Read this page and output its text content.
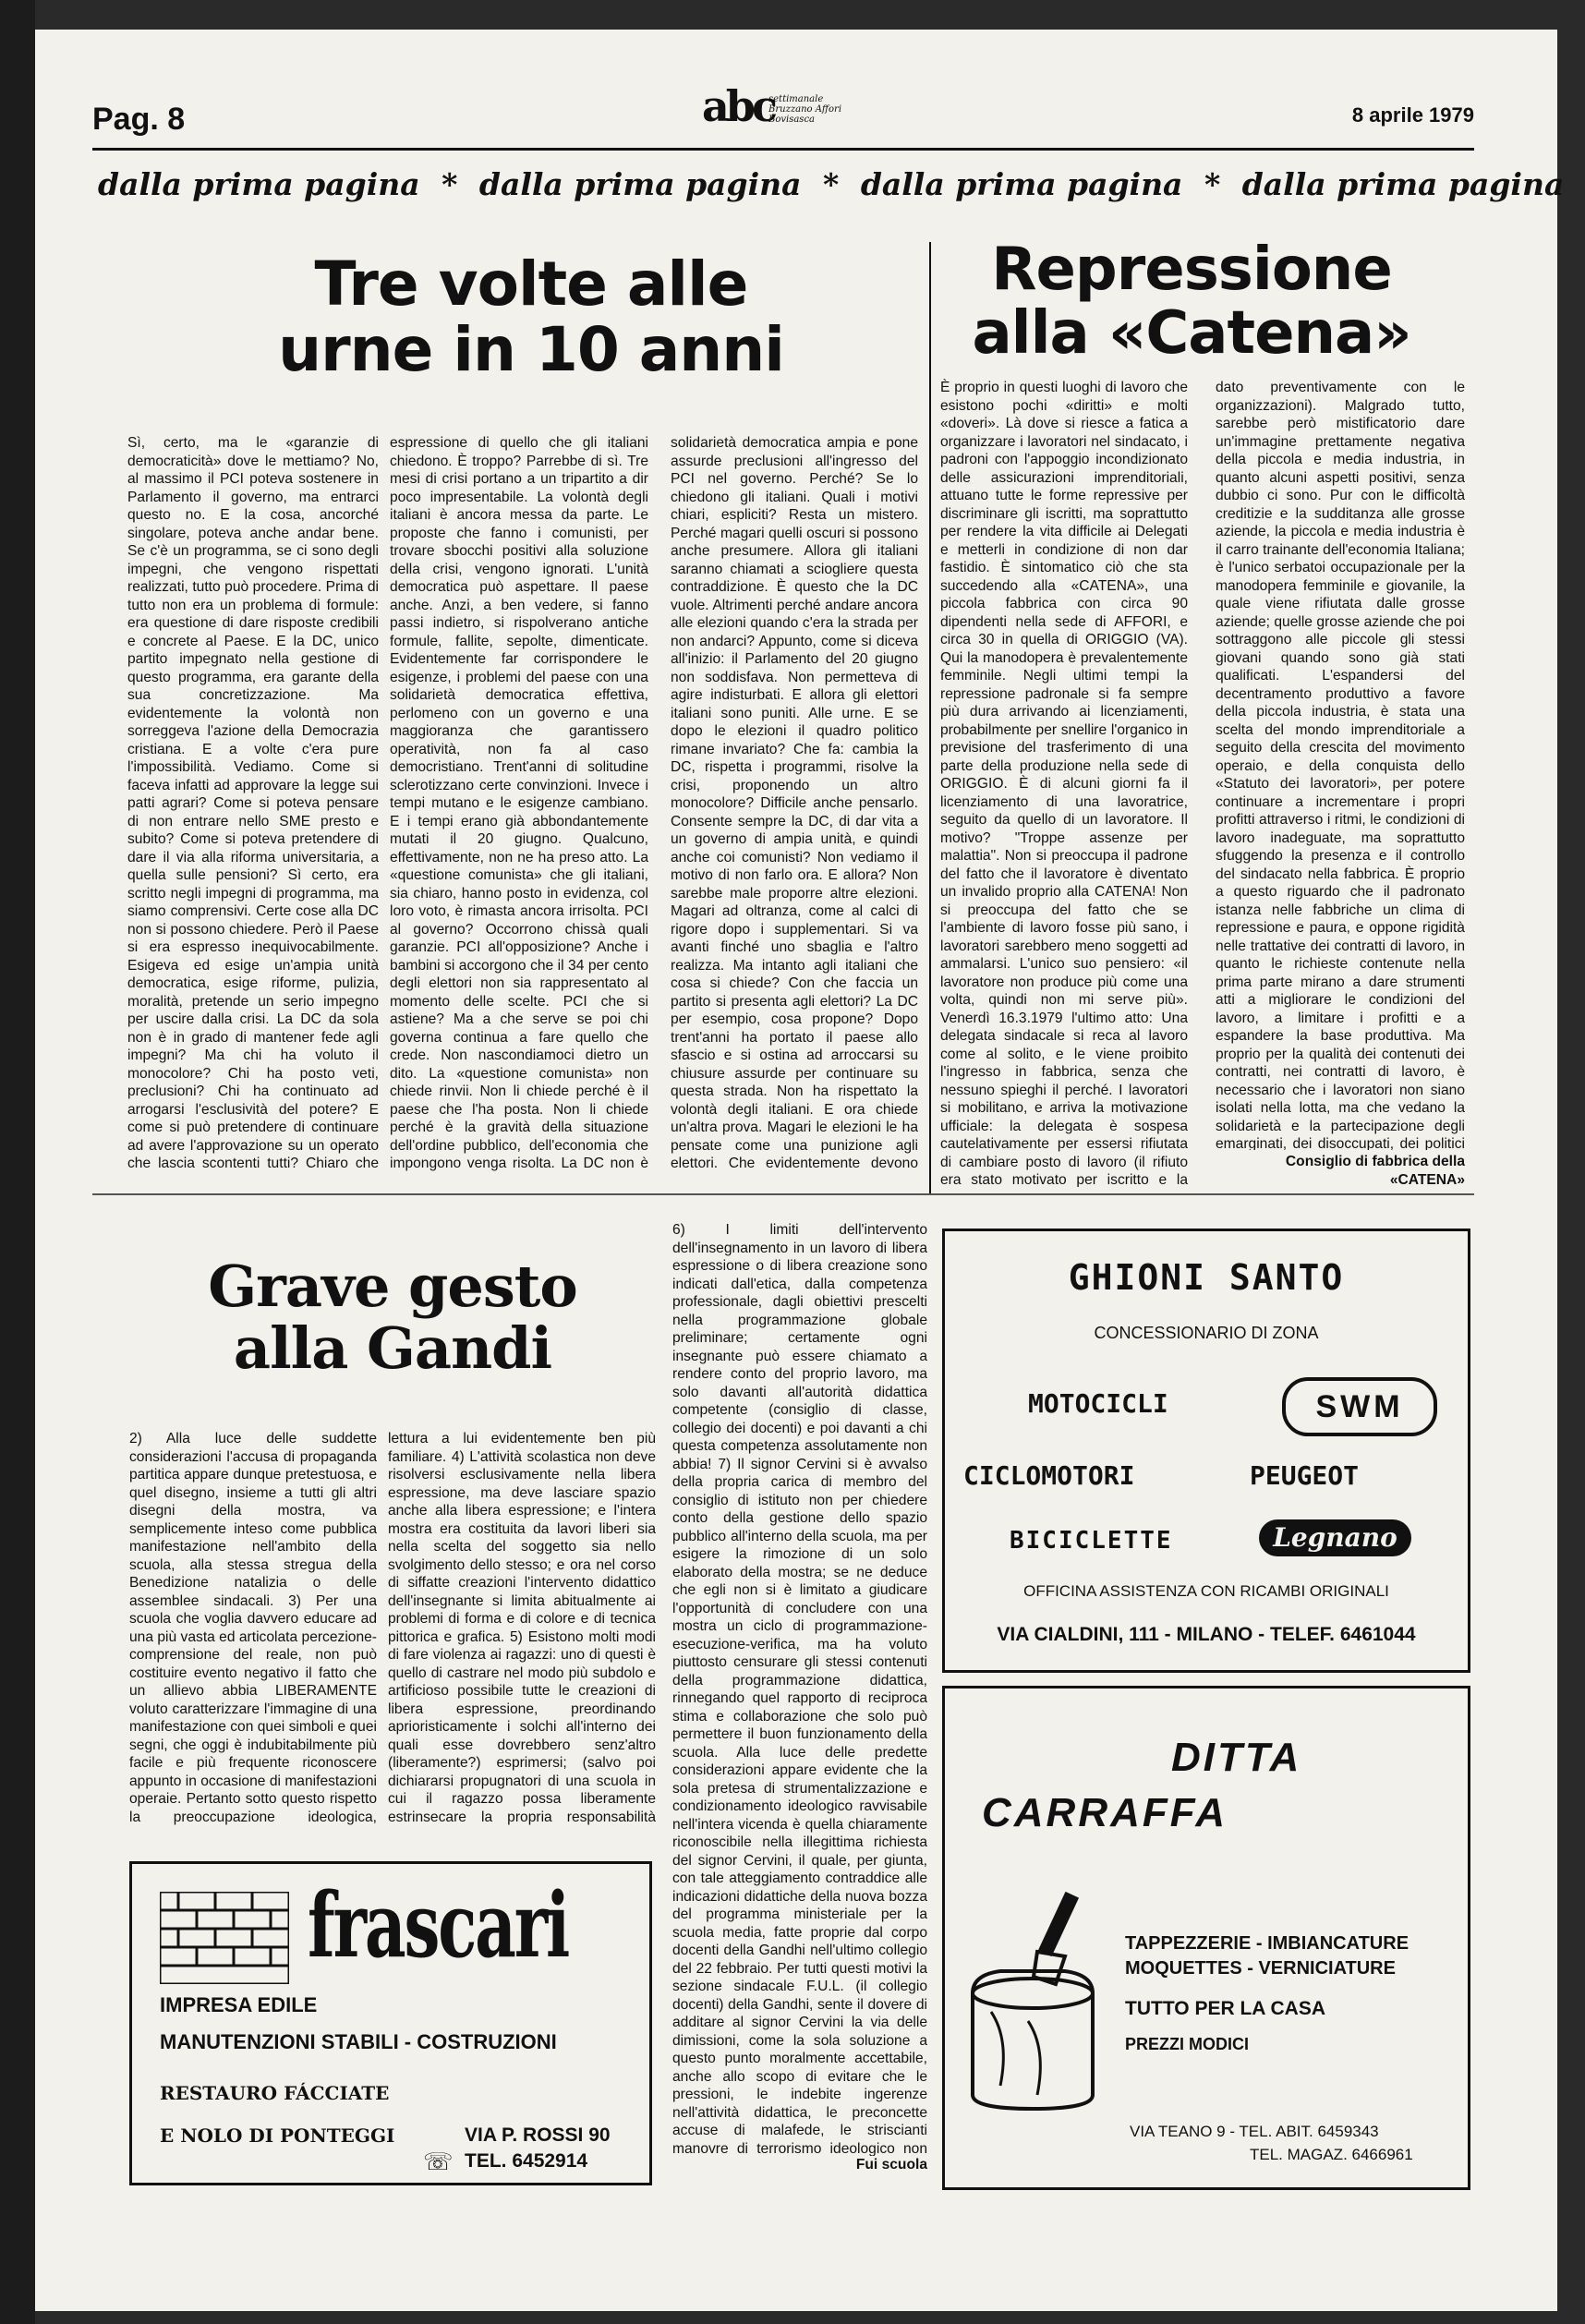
Pag. 8	abc
settimanale Bruzzano Affori Bovisasca	8 aprile 1979
dalla prima pagina * dalla prima pagina * dalla prima pagina * dalla prima pagina
Tre volte alle
urne in 10 anni
Sì, certo, ma le «garanzie di democraticità» dove le mettiamo? No, al massimo il PCI poteva sostenere in Parlamento il governo, ma entrarci questo no. E la cosa, ancorché singolare, poteva anche andar bene. Se c'è un programma, se ci sono degli impegni, che vengono rispettati realizzati, tutto può procedere. Prima di tutto non era un problema di formule: era questione di dare risposte credibili e concrete al Paese. E la DC, unico partito impegnato nella gestione di questo programma, era garante della sua concretizzazione. Ma evidentemente la volontà non sorreggeva l'azione della Democrazia cristiana. E a volte c'era pure l'impossibilità. Vediamo. Come si faceva infatti ad approvare la legge sui patti agrari? Come si poteva pensare di non entrare nello SME presto e subito? Come si poteva pretendere di dare il via alla riforma universitaria, a quella sulle pensioni? Sì certo, era scritto negli impegni di programma, ma siamo comprensivi. Certe cose alla DC non si possono chiedere. Però il Paese si era espresso inequivocabilmente. Esigeva ed esige un'ampia unità democratica, esige riforme, pulizia, moralità, pretende un serio impegno per uscire dalla crisi. La DC da sola non è in grado di mantener fede agli impegni? Ma chi ha voluto il monocolore? Chi ha posto veti, preclusioni? Chi ha continuato ad arrogarsi l'esclusività del potere? E come si può pretendere di continuare ad avere l'approvazione su un operato che lascia scontenti tutti? Chiaro che
espressione di quello che gli italiani chiedono. È troppo? Parrebbe di sì. Tre mesi di crisi portano a un tripartito a dir poco impresentabile. La volontà degli italiani è ancora messa da parte. Le proposte che fanno i comunisti, per trovare sbocchi positivi alla soluzione della crisi, vengono ignorati. L'unità democratica può aspettare. Il paese anche. Anzi, a ben vedere, si fanno passi indietro, si rispolverano antiche formule, fallite, sepolte, dimenticate. Evidentemente far corrispondere le esigenze, i problemi del paese con una solidarietà democratica effettiva, perlomeno con un governo e una maggioranza che garantissero operatività, non fa al caso democristiano. Trent'anni di solitudine sclerotizzano certe convinzioni. Invece i tempi mutano e le esigenze cambiano. E i tempi erano già abbondantemente mutati il 20 giugno. Qualcuno, effettivamente, non ne ha preso atto. La «questione comunista» che gli italiani, sia chiaro, hanno posto in evidenza, col loro voto, è rimasta ancora irrisolta. PCI al governo? Occorrono chissà quali garanzie. PCI all'opposizione? Anche i bambini si accorgono che il 34 per cento degli elettori non sia rappresentato al momento delle scelte. PCI che si astiene? Ma a che serve se poi chi governa continua a fare quello che crede. Non nascondiamoci dietro un dito. La «questione comunista» non chiede rinvii. Non li chiede perché è il paese che l'ha posta. Non li chiede perché è la gravità della situazione dell'ordine pubblico, dell'economia che impongono venga risolta. La DC non è
solidarietà democratica ampia e pone assurde preclusioni all'ingresso del PCI nel governo. Perché? Se lo chiedono gli italiani. Quali i motivi chiari, espliciti? Resta un mistero. Perché magari quelli oscuri si possono anche presumere. Allora gli italiani saranno chiamati a sciogliere questa contraddizione. È questo che la DC vuole. Altrimenti perché andare ancora alle elezioni quando c'era la strada per non andarci? Appunto, come si diceva all'inizio: il Parlamento del 20 giugno non soddisfava. Non permetteva di agire indisturbati. E allora gli elettori italiani sono puniti. Alle urne. E se dopo le elezioni il quadro politico rimane invariato? Che fa: cambia la DC, rispetta i programmi, risolve la crisi, proponendo un altro monocolore? Difficile anche pensarlo. Consente sempre la DC, di dar vita a un governo di ampia unità, e quindi anche coi comunisti? Non vediamo il motivo di non farlo ora. E allora? Non sarebbe male proporre altre elezioni. Magari ad oltranza, come al calci di rigore dopo i supplementari. Si va avanti finché uno sbaglia e l'altro realizza. Ma intanto agli italiani che cosa si chiede? Con che faccia un partito si presenta agli elettori? La DC per esempio, cosa propone? Dopo trent'anni ha portato il paese allo sfascio e si ostina ad arroccarsi su chiusure assurde per continuare su questa strada. Non ha rispettato la volontà degli italiani. E ora chiede un'altra prova. Magari le elezioni le ha pensate come una punizione agli elettori. Che evidentemente devono
Repressione
alla «Catena»
È proprio in questi luoghi di lavoro che esistono pochi «diritti» e molti «doveri». Là dove si riesce a fatica a organizzare i lavoratori nel sindacato, i padroni con l'appoggio incondizionato delle assicurazioni imprenditoriali, attuano tutte le forme repressive per discriminare gli iscritti, ma soprattutto per rendere la vita difficile ai Delegati e metterli in condizione di non dar fastidio. È sintomatico ciò che sta succedendo alla «CATENA», una piccola fabbrica con circa 90 dipendenti nella sede di AFFORI, e circa 30 in quella di ORIGGIO (VA). Qui la manodopera è prevalentemente femminile. Negli ultimi tempi la repressione padronale si fa sempre più dura arrivando ai licenziamenti, probabilmente per snellire l'organico in previsione del trasferimento di una parte della produzione nella sede di ORIGGIO. È di alcuni giorni fa il licenziamento di una lavoratrice, seguito da quello di un lavoratore. Il motivo? "Troppe assenze per malattia". Non si preoccupa il padrone del fatto che il lavoratore è diventato un invalido proprio alla CATENA! Non si preoccupa del fatto che se l'ambiente di lavoro fosse più sano, i lavoratori sarebbero meno soggetti ad ammalarsi. L'unico suo pensiero: «il lavoratore non produce più come una volta, quindi non mi serve più». Venerdì 16.3.1979 l'ultimo atto: Una delegata sindacale si reca al lavoro come al solito, e le viene proibito l'ingresso in fabbrica, senza che nessuno spieghi il perché. I lavoratori si mobilitano, e arriva la motivazione ufficiale: la delegata è sospesa cautelativamente per essersi rifiutata di cambiare posto di lavoro (il rifiuto era stato motivato per iscritto e la
dato preventivamente con le organizzazioni). Malgrado tutto, sarebbe però mistificatorio dare un'immagine prettamente negativa della piccola e media industria, in quanto alcuni aspetti positivi, senza dubbio ci sono. Pur con le difficoltà creditizie e la sudditanza alle grosse aziende, la piccola e media industria è il carro trainante dell'economia Italiana; è l'unico serbatoi occupazionale per la manodopera femminile e giovanile, la quale viene rifiutata dalle grosse aziende; quelle grosse aziende che poi sottraggono alle piccole gli stessi giovani quando sono già stati qualificati. L'espandersi del decentramento produttivo a favore della piccola industria, è stata una scelta del mondo imprenditoriale a seguito della crescita del movimento operaio, e della conquista dello «Statuto dei lavoratori», per potere continuare a incrementare i propri profitti attraverso i ritmi, le condizioni di lavoro inadeguate, ma soprattutto sfuggendo la presenza e il controllo del sindacato nella fabbrica. È proprio a questo riguardo che il padronato istanza nelle fabbriche un clima di repressione e paura, e oppone rigidità nelle trattative dei contratti di lavoro, in quanto le richieste contenute nella prima parte mirano a dare strumenti atti a migliorare le condizioni del lavoro, a limitare i profitti e a espandere la base produttiva. Ma proprio per la qualità dei contenuti dei contratti, nei contratti di lavoro, è necessario che i lavoratori non siano isolati nella lotta, ma che vedano la solidarietà e la partecipazione degli emarginati, dei disoccupati, dei politici
Consiglio di fabbrica della
«CATENA»
Grave gesto
alla Gandi
2) Alla luce delle suddette considerazioni l'accusa di propaganda partitica appare dunque pretestuosa, e quel disegno, insieme a tutti gli altri disegni della mostra, va semplicemente inteso come pubblica manifestazione nell'ambito della scuola, alla stessa stregua della Benedizione natalizia o delle assemblee sindacali. 3) Per una scuola che voglia davvero educare ad una più vasta ed articolata percezione-comprensione del reale, non può costituire evento negativo il fatto che un allievo abbia LIBERAMENTE voluto caratterizzare l'immagine di una manifestazione con quei simboli e quei segni, che oggi è indubitabilmente più facile e più frequente riconoscere appunto in occasione di manifestazioni operaie. Pertanto sotto questo rispetto la preoccupazione ideologica,
lettura a lui evidentemente ben più familiare. 4) L'attività scolastica non deve risolversi esclusivamente nella libera espressione, ma deve lasciare spazio anche alla libera espressione; e l'intera mostra era costituita da lavori liberi sia nella scelta del soggetto sia nello svolgimento dello stesso; e ora nel corso di siffatte creazioni l'intervento didattico dell'insegnante si limita abitualmente ai problemi di forma e di colore e di tecnica pittorica e grafica. 5) Esistono molti modi di fare violenza ai ragazzi: uno di questi è quello di castrare nel modo più subdolo e artificioso possibile tutte le creazioni di libera espressione, preordinando aprioristicamente i solchi all'interno dei quali esse dovrebbero senz'altro (liberamente?) esprimersi; (salvo poi dichiararsi propugnatori di una scuola in cui il ragazzo possa liberamente estrinsecare la propria responsabilità
6) I limiti dell'intervento dell'insegnamento in un lavoro di libera espressione o di libera creazione sono indicati dall'etica, dalla competenza professionale, dagli obiettivi prescelti nella programmazione globale preliminare; certamente ogni insegnante può essere chiamato a rendere conto del proprio lavoro, ma solo davanti all'autorità didattica competente (consiglio di classe, collegio dei docenti) e poi davanti a chi questa competenza assolutamente non abbia! 7) Il signor Cervini si è avvalso della propria carica di membro del consiglio di istituto non per chiedere conto della gestione dello spazio pubblico all'interno della scuola, ma per esigere la rimozione di un solo elaborato della mostra; se ne deduce che egli non si è limitato a giudicare l'opportunità di concludere con una mostra un ciclo di programmazione-esecuzione-verifica, ma ha voluto piuttosto censurare gli stessi contenuti della programmazione didattica, rinnegando quel rapporto di reciproca stima e collaborazione che solo può permettere il buon funzionamento della scuola. Alla luce delle predette considerazioni appare evidente che la sola pretesa di strumentalizzazione e condizionamento ideologico ravvisabile nell'intera vicenda è quella chiaramente riconoscibile nella illegittima richiesta del signor Cervini, il quale, per giunta, con tale atteggiamento contraddice alle indicazioni didattiche della nuova bozza del programma ministeriale per la scuola media, fatte proprie dal corpo docenti della Gandhi nell'ultimo collegio del 22 febbraio. Per tutti questi motivi la sezione sindacale F.U.L. (il collegio docenti) della Gandhi, sente il dovere di additare al signor Cervini la via delle dimissioni, come la sola soluzione a questo punto moralmente accettabile, anche allo scopo di evitare che le pressioni, le indebite ingerenze nell'attività didattica, le preconcette accuse di malafede, le striscianti manovre di terrorismo ideologico non
Fui scuola
frascari
IMPRESA EDILE
MANUTENZIONI STABILI - COSTRUZIONI
RESTAURO FÁCCIATE
E NOLO DI PONTEGGI	VIA P. ROSSI 90
☏ TEL. 6452914
GHIONI SANTO
CONCESSIONARIO DI ZONA
MOTOCICLI	SWM
CICLOMOTORI	PEUGEOT
BICICLETTE	Legnano
OFFICINA ASSISTENZA CON RICAMBI ORIGINALI
VIA CIALDINI, 111 - MILANO - TELEF. 6461044
DITTA
CARRAFFA
TAPPEZZERIE - IMBIANCATURE
MOQUETTES - VERNICIATURE
TUTTO PER LA CASA
PREZZI MODICI
VIA TEANO 9 - TEL. ABIT. 6459343
TEL. MAGAZ. 6466961
